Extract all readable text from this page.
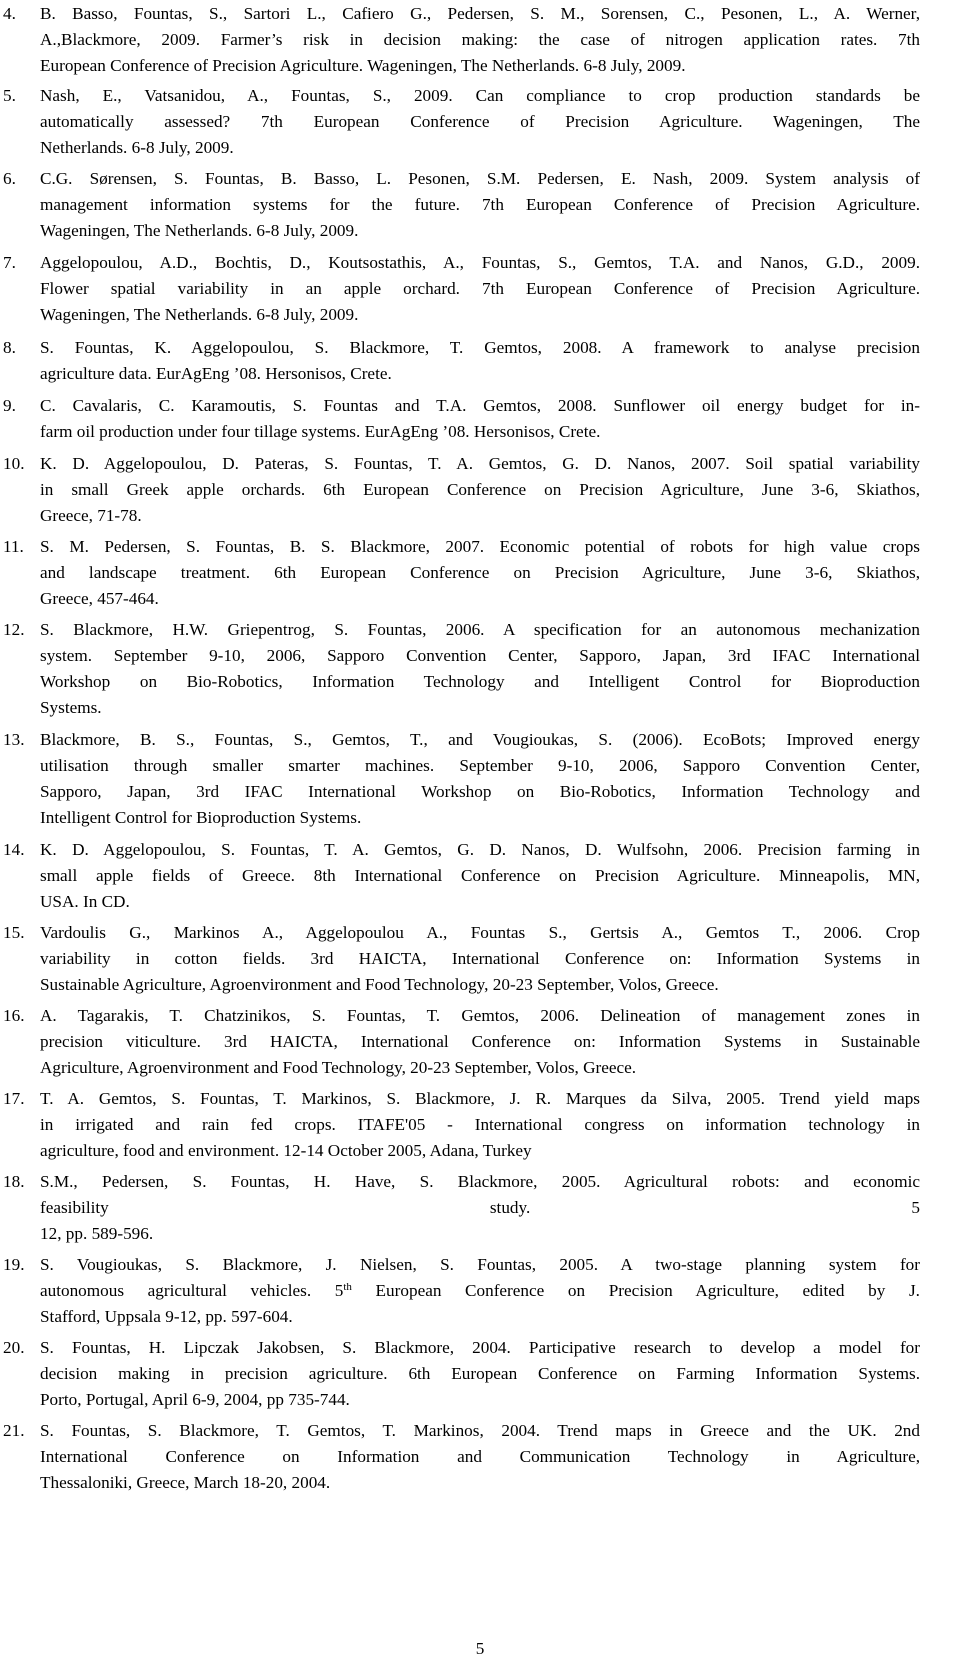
4. B. Basso, Fountas, S., Sartori L., Cafiero G., Pedersen, S. M., Sorensen, C., Pesonen, L., A. Werner,
A.,Blackmore, 2009. Farmer’s risk in decision making: the case of nitrogen application rates. 7th
European Conference of Precision Agriculture. Wageningen, The Netherlands. 6-8 July, 2009.
5. Nash, E., Vatsanidou, A., Fountas, S., 2009. Can compliance to crop production standards be
automatically assessed? 7th European Conference of Precision Agriculture. Wageningen, The
Netherlands. 6-8 July, 2009.
6. C.G. Sørensen, S. Fountas, B. Basso, L. Pesonen, S.M. Pedersen, E. Nash, 2009. System analysis of
management information systems for the future. 7th European Conference of Precision Agriculture.
Wageningen, The Netherlands. 6-8 July, 2009.
7. Aggelopoulou, A.D., Bochtis, D., Koutsostathis, A., Fountas, S., Gemtos, T.A. and Nanos, G.D., 2009.
Flower spatial variability in an apple orchard. 7th European Conference of Precision Agriculture.
Wageningen, The Netherlands. 6-8 July, 2009.
8. S. Fountas, K. Aggelopoulou, S. Blackmore, T. Gemtos, 2008. A framework to analyse precision
agriculture data. EurAgEng ’08. Hersonisos, Crete.
9. C. Cavalaris, C. Karamoutis, S. Fountas and T.A. Gemtos, 2008. Sunflower oil energy budget for in-
farm oil production under four tillage systems. EurAgEng ’08. Hersonisos, Crete.
10. K. D. Aggelopoulou, D. Pateras, S. Fountas, T. A. Gemtos, G. D. Nanos, 2007. Soil spatial variability
in small Greek apple orchards. 6th European Conference on Precision Agriculture, June 3-6, Skiathos,
Greece, 71-78.
11. S. M. Pedersen, S. Fountas, B. S. Blackmore, 2007. Economic potential of robots for high value crops
and landscape treatment. 6th European Conference on Precision Agriculture, June 3-6, Skiathos,
Greece, 457-464.
12. S. Blackmore, H.W. Griepentrog, S. Fountas, 2006. A specification for an autonomous mechanization
system. September 9-10, 2006, Sapporo Convention Center, Sapporo, Japan, 3rd IFAC International
Workshop on Bio-Robotics, Information Technology and Intelligent Control for Bioproduction
Systems.
13. Blackmore, B. S., Fountas, S., Gemtos, T., and Vougioukas, S. (2006). EcoBots; Improved energy
utilisation through smaller smarter machines. September 9-10, 2006, Sapporo Convention Center,
Sapporo, Japan, 3rd IFAC International Workshop on Bio-Robotics, Information Technology and
Intelligent Control for Bioproduction Systems.
14. K. D. Aggelopoulou, S. Fountas, T. A. Gemtos, G. D. Nanos, D. Wulfsohn, 2006. Precision farming in
small apple fields of Greece. 8th International Conference on Precision Agriculture. Minneapolis, MN,
USA. In CD.
15. Vardoulis G., Markinos A., Aggelopoulou A., Fountas S., Gertsis A., Gemtos T., 2006. Crop
variability in cotton fields. 3rd HAICTA, International Conference on: Information Systems in
Sustainable Agriculture, Agroenvironment and Food Technology, 20-23 September, Volos, Greece.
16. A. Tagarakis, T. Chatzinikos, S. Fountas, T. Gemtos, 2006. Delineation of management zones in
precision viticulture. 3rd HAICTA, International Conference on: Information Systems in Sustainable
Agriculture, Agroenvironment and Food Technology, 20-23 September, Volos, Greece.
17. T. A. Gemtos, S. Fountas, T. Markinos, S. Blackmore, J. R. Marques da Silva, 2005. Trend yield maps
in irrigated and rain fed crops. ITAFE'05 - International congress on information technology in
agriculture, food and environment. 12-14 October 2005, Adana, Turkey
18. S.M., Pedersen, S. Fountas, H. Have, S. Blackmore, 2005. Agricultural robots: and economic
feasibility study. 5
12, pp. 589-596.
19. S. Vougioukas, S. Blackmore, J. Nielsen, S. Fountas, 2005. A two-stage planning system for
autonomous agricultural vehicles. 5th European Conference on Precision Agriculture, edited by J.
Stafford, Uppsala 9-12, pp. 597-604.
20. S. Fountas, H. Lipczak Jakobsen, S. Blackmore, 2004. Participative research to develop a model for
decision making in precision agriculture. 6th European Conference on Farming Information Systems.
Porto, Portugal, April 6-9, 2004, pp 735-744.
21. S. Fountas, S. Blackmore, T. Gemtos, T. Markinos, 2004. Trend maps in Greece and the UK. 2nd
International Conference on Information and Communication Technology in Agriculture,
Thessaloniki, Greece, March 18-20, 2004.
5
